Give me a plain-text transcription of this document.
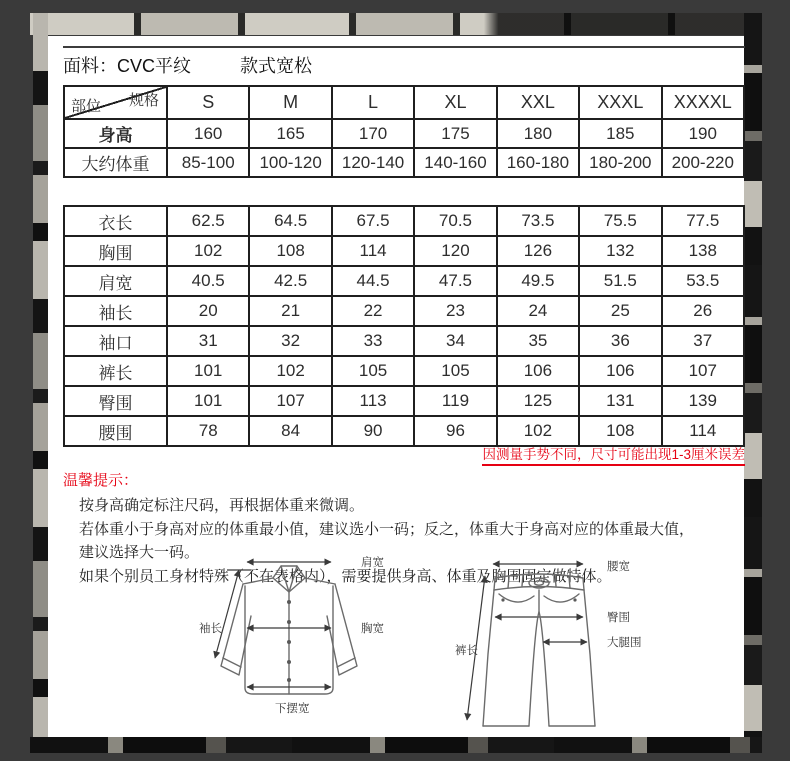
面料：CVC平纹	款式宽松
规格
部位	S	M	L	XL	XXL	XXXL	XXXXL
身高	160	165	170	175	180	185	190
大约体重	85-100	100-120	120-140	140-160	160-180	180-200	200-220
衣长	62.5	64.5	67.5	70.5	73.5	75.5	77.5
胸围	102	108	114	120	126	132	138
肩宽	40.5	42.5	44.5	47.5	49.5	51.5	53.5
袖长	20	21	22	23	24	25	26
袖口	31	32	33	34	35	36	37
裤长	101	102	105	105	106	106	107
臀围	101	107	113	119	125	131	139
腰围	78	84	90	96	102	108	114
因测量手势不同，尺寸可能出现1-3厘米误差
温馨提示：
按身高确定标注尺码，再根据体重来微调。
若体重小于身高对应的体重最小值，建议选小一码；反之，体重大于身高对应的体重最大值，
建议选择大一码。
如果个别员工身材特殊（不在表格内），需要提供身高、体重及胸围固定做特体。
肩宽
袖长	胸宽
下摆宽
腰宽
裤长
臀围
大腿围
